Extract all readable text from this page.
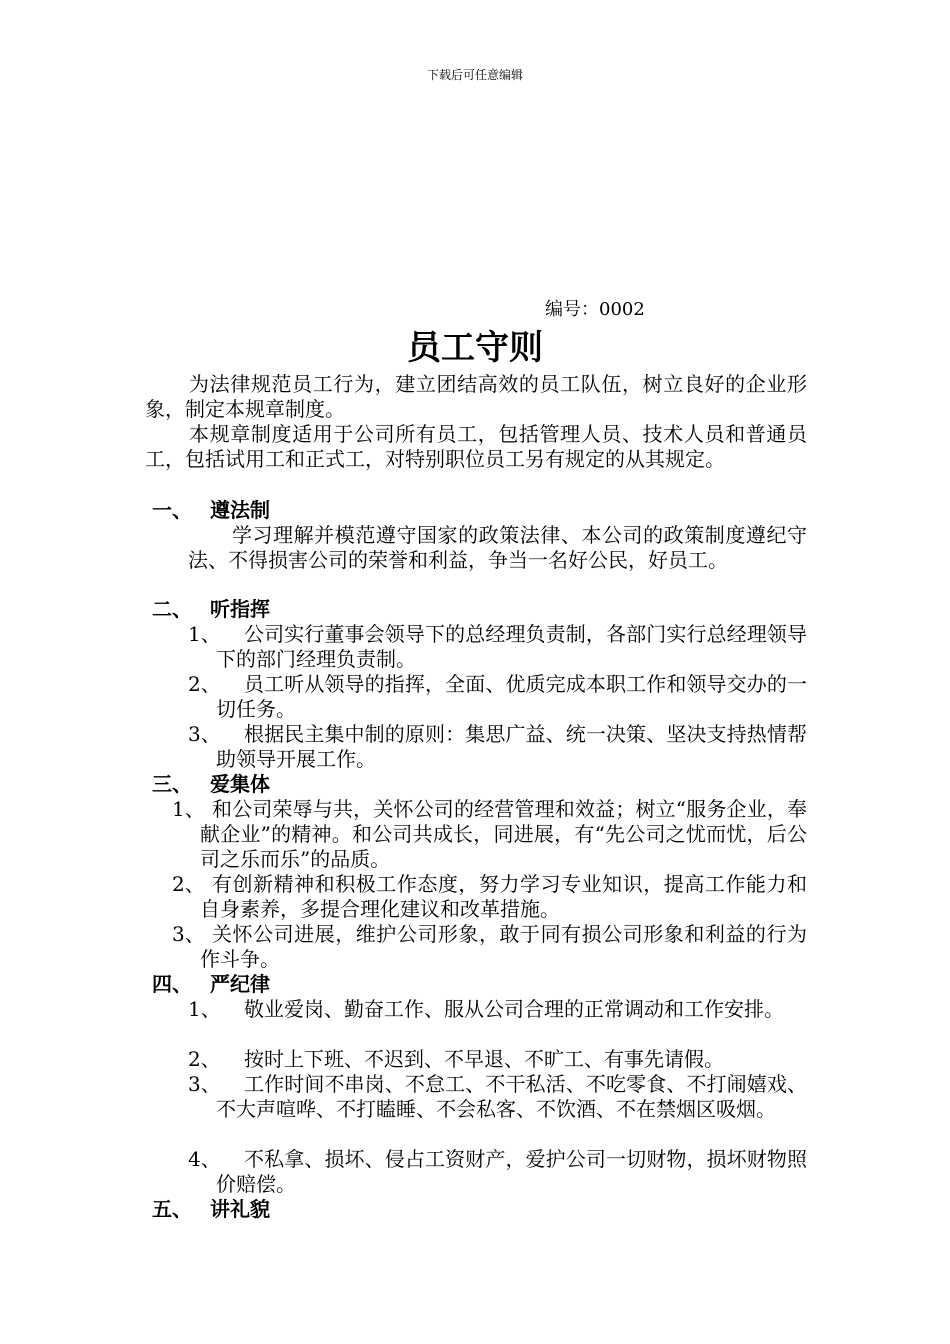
下载后可任意编辑
编号：0002
员工守则
为法律规范员工行为，建立团结高效的员工队伍，树立良好的企业形象，制定本规章制度。
本规章制度适用于公司所有员工，包括管理人员、技术人员和普通员工，包括试用工和正式工，对特别职位员工另有规定的从其规定。
一、 遵法制
学习理解并模范遵守国家的政策法律、本公司的政策制度遵纪守法、不得损害公司的荣誉和利益，争当一名好公民，好员工。
二、 听指挥
1、	公司实行董事会领导下的总经理负责制，各部门实行总经理领导下的部门经理负责制。
2、	员工听从领导的指挥，全面、优质完成本职工作和领导交办的一切任务。
3、	根据民主集中制的原则：集思广益、统一决策、坚决支持热情帮助领导开展工作。
三、 爱集体
1、 和公司荣辱与共，关怀公司的经营管理和效益；树立“服务企业，奉献企业”的精神。和公司共成长，同进展，有“先公司之忧而忧，后公司之乐而乐”的品质。
2、 有创新精神和积极工作态度，努力学习专业知识，提高工作能力和自身素养，多提合理化建议和改革措施。
3、 关怀公司进展，维护公司形象，敢于同有损公司形象和利益的行为作斗争。
四、 严纪律
1、	敬业爱岗、勤奋工作、服从公司合理的正常调动和工作安排。
2、	按时上下班、不迟到、不早退、不旷工、有事先请假。
3、	工作时间不串岗、不怠工、不干私活、不吃零食、不打闹嬉戏、不大声喧哗、不打瞌睡、不会私客、不饮酒、不在禁烟区吸烟。
4、	不私拿、损坏、侵占工资财产，爱护公司一切财物，损坏财物照价赔偿。
五、 讲礼貌
